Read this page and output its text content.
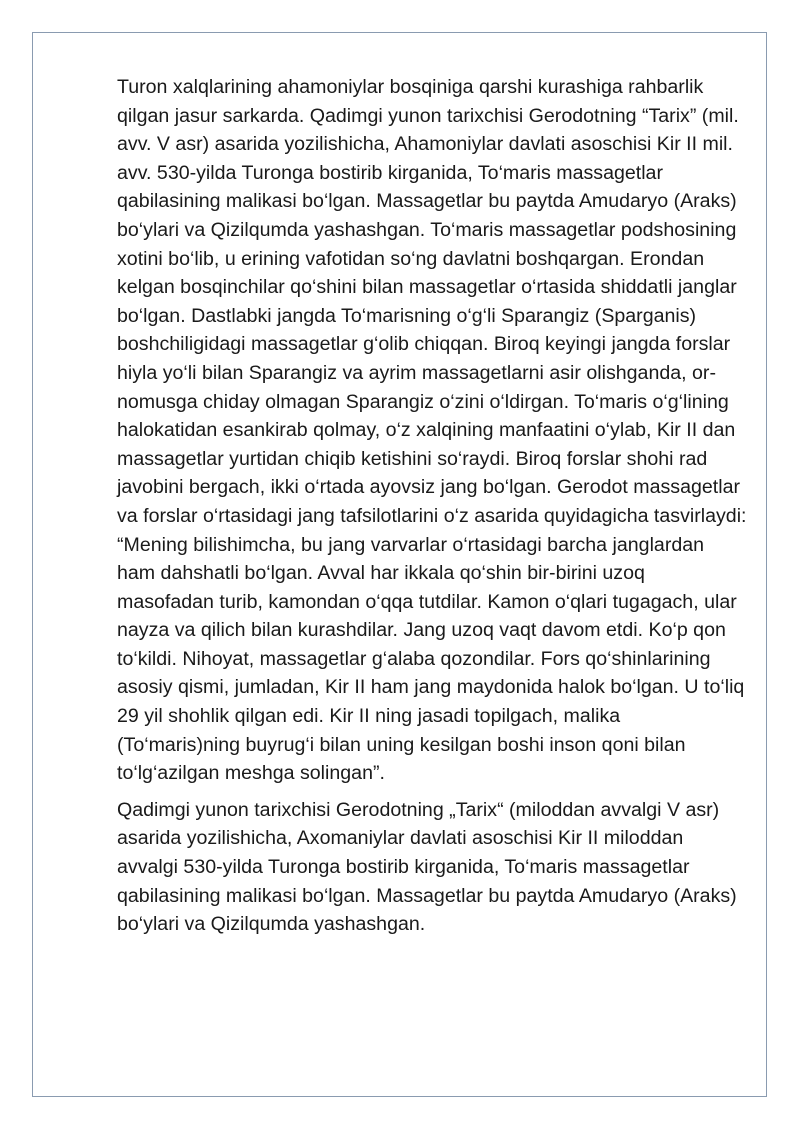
Turon xalqlarining ahamoniylar bosqiniga qarshi kurashiga rahbarlik qilgan jasur sarkarda. Qadimgi yunon tarixchisi Gerodotning “Tarix” (mil. avv. V asr) asarida yozilishicha, Ahamoniylar davlati asoschisi Kir II mil. avv. 530-yilda Turonga bostirib kirganida, To‘maris massagetlar qabilasining malikasi bo‘lgan. Massagetlar bu paytda Amudaryo (Araks) bo‘ylari va Qizilqumda yashashgan. To‘maris massagetlar podshosining xotini bo‘lib, u erining vafotidan so‘ng davlatni boshqargan. Erondan kelgan bosqinchilar qo‘shini bilan massagetlar o‘rtasida shiddatli janglar bo‘lgan. Dastlabki jangda To‘marisning o‘g‘li Sparangiz (Sparganis) boshchiligidagi massagetlar g‘olib chiqqan. Biroq keyingi jangda forslar hiyla yo‘li bilan Sparangiz va ayrim massagetlarni asir olishganda, or-nomusga chiday olmagan Sparangiz o‘zini o‘ldirgan. To‘maris o‘g‘lining halokatidan esankirab qolmay, o‘z xalqining manfaatini o‘ylab, Kir II dan massagetlar yurtidan chiqib ketishini so‘raydi. Biroq forslar shohi rad javobini bergach, ikki o‘rtada ayovsiz jang bo‘lgan. Gerodot massagetlar va forslar o‘rtasidagi jang tafsilotlarini o‘z asarida quyidagicha tasvirlaydi: “Mening bilishimcha, bu jang varvarlar o‘rtasidagi barcha janglardan ham dahshatli bo‘lgan. Avval har ikkala qo‘shin bir-birini uzoq masofadan turib, kamondan o‘qqa tutdilar. Kamon o‘qlari tugagach, ular nayza va qilich bilan kurashdilar. Jang uzoq vaqt davom etdi. Ko‘p qon to‘kildi. Nihoyat, massagetlar g‘alaba qozondilar. Fors qo‘shinlarining asosiy qismi, jumladan, Kir II ham jang maydonida halok bo‘lgan. U to‘liq 29 yil shohlik qilgan edi. Kir II ning jasadi topilgach, malika (To‘maris)ning buyrug‘i bilan uning kesilgan boshi inson qoni bilan to‘lg‘azilgan meshga solingan”.

Qadimgi yunon tarixchisi Gerodotning „Tarix“ (miloddan avvalgi V asr) asarida yozilishicha, Axomaniylar davlati asoschisi Kir II miloddan avvalgi 530-yilda Turonga bostirib kirganida, To‘maris massagetlar qabilasining malikasi bo‘lgan. Massagetlar bu paytda Amudaryo (Araks) bo‘ylari va Qizilqumda yashashgan.
